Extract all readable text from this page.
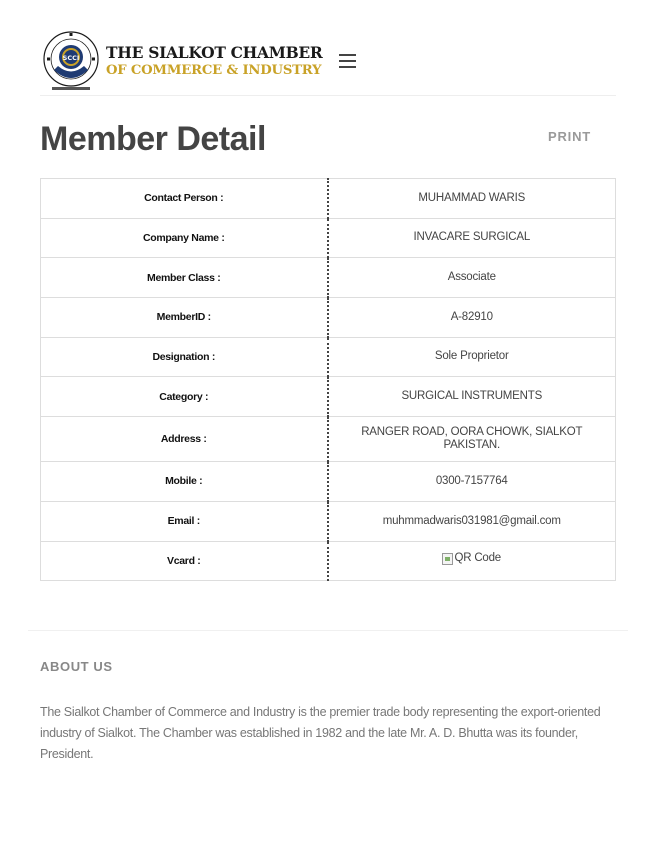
SCCI THE SIALKOT CHAMBER
OF COMMERCE & INDUSTRY
Member Detail	PRINT
Contact Person :	MUHAMMAD WARIS
Company Name :	INVACARE SURGICAL
Member Class :	Associate
MemberID :	A-82910
Designation :	Sole Proprietor
Category :	SURGICAL INSTRUMENTS
Address :	RANGER ROAD, OORA CHOWK, SIALKOT PAKISTAN.
Mobile :	0300-7157764
Email :	muhmmadwaris031981@gmail.com
Vcard :	QR Code
ABOUT US

The Sialkot Chamber of Commerce and Industry is the premier trade body representing the export-oriented industry of Sialkot. The Chamber was established in 1982 and the late Mr. A. D. Bhutta was its founder, President.
